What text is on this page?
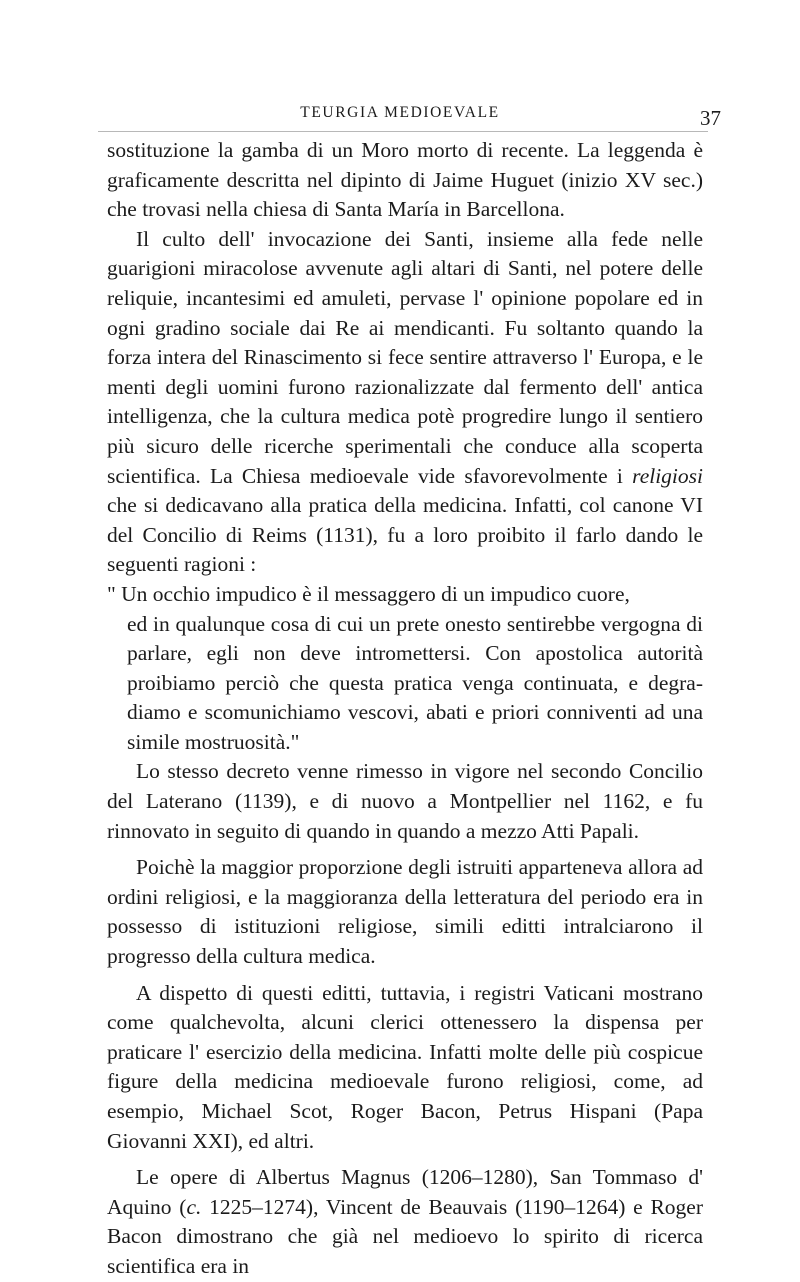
TEURGIA MEDIOEVALE	37

sostituzione la gamba di un Moro morto di recente. La leggenda è graficamente descritta nel dipinto di Jaime Huguet (inizio XV sec.) che trovasi nella chiesa di Santa María in Barcellona.

Il culto dell' invocazione dei Santi, insieme alla fede nelle guarigioni miracolose avvenute agli altari di Santi, nel potere delle reliquie, incantesimi ed amuleti, pervase l' opinione popolare ed in ogni gradino sociale dai Re ai mendicanti. Fu soltanto quando la forza intera del Rinascimento si fece sentire attraverso l' Europa, e le menti degli uomini furono razionalizzate dal fermento dell' antica intelligenza, che la cultura medica potè progredire lungo il sentiero più sicuro delle ricerche sperimentali che conduce alla scoperta scientifica. La Chiesa medioevale vide sfavorevolmente i religiosi che si dedicavano alla pratica della medicina. Infatti, col canone VI del Concilio di Reims (1131), fu a loro proibito il farlo dando le seguenti ragioni :

" Un occhio impudico è il messaggero di un impudico cuore,

ed in qualunque cosa di cui un prete onesto sentirebbe vergogna di parlare, egli non deve intromettersi. Con apostolica autorità proibiamo perciò che questa pratica venga continuata, e degra-diamo e scomunichiamo vescovi, abati e priori conniventi ad una simile mostruosità."

Lo stesso decreto venne rimesso in vigore nel secondo Concilio del Laterano (1139), e di nuovo a Montpellier nel 1162, e fu rinnovato in seguito di quando in quando a mezzo Atti Papali.

Poichè la maggior proporzione degli istruiti apparteneva allora ad ordini religiosi, e la maggioranza della letteratura del periodo era in possesso di istituzioni religiose, simili editti intralciarono il progresso della cultura medica.

A dispetto di questi editti, tuttavia, i registri Vaticani mostrano come qualchevolta, alcuni clerici ottenessero la dispensa per praticare l' esercizio della medicina. Infatti molte delle più cospicue figure della medicina medioevale furono religiosi, come, ad esempio, Michael Scot, Roger Bacon, Petrus Hispani (Papa Giovanni XXI), ed altri.

Le opere di Albertus Magnus (1206–1280), San Tommaso d' Aquino (c. 1225–1274), Vincent de Beauvais (1190–1264) e Roger Bacon dimostrano che già nel medioevo lo spirito di ricerca scientifica era in
